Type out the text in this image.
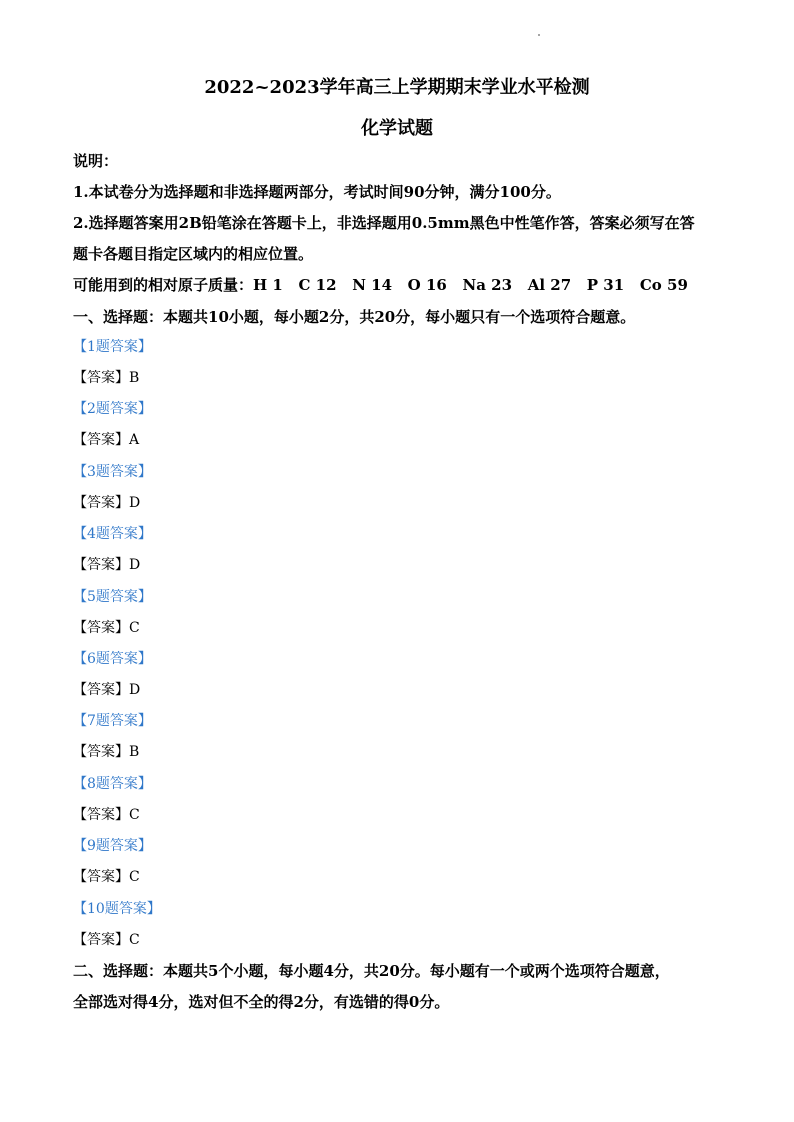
2022~2023学年高三上学期期末学业水平检测
化学试题
说明：
1.本试卷分为选择题和非选择题两部分，考试时间90分钟，满分100分。
2.选择题答案用2B铅笔涂在答题卡上，非选择题用0.5mm黑色中性笔作答，答案必须写在答
题卡各题目指定区域内的相应位置。
可能用到的相对原子质量：H 1   C 12   N 14   O 16   Na 23   Al 27   P 31   Co 59
一、选择题：本题共10小题，每小题2分，共20分，每小题只有一个选项符合题意。
【1题答案】
【答案】B
【2题答案】
【答案】A
【3题答案】
【答案】D
【4题答案】
【答案】D
【5题答案】
【答案】C
【6题答案】
【答案】D
【7题答案】
【答案】B
【8题答案】
【答案】C
【9题答案】
【答案】C
【10题答案】
【答案】C
二、选择题：本题共5个小题，每小题4分，共20分。每小题有一个或两个选项符合题意，
全部选对得4分，选对但不全的得2分，有选错的得0分。
